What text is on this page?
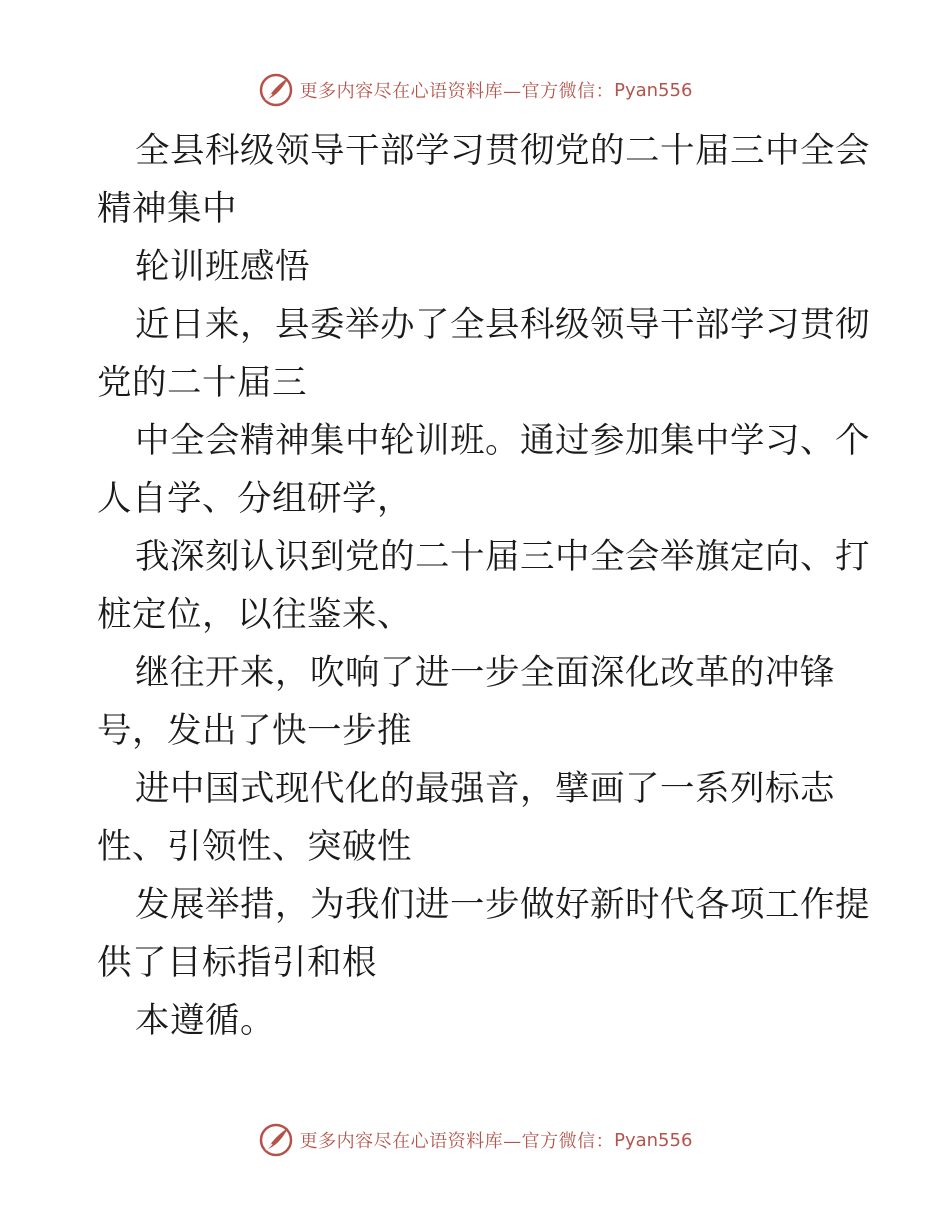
更多内容尽在心语资料库—官方微信： Pyan556

全县科级领导干部学习贯彻党的二十届三中全会
精神集中

轮训班感悟

近日来，县委举办了全县科级领导干部学习贯彻
党的二十届三

中全会精神集中轮训班。通过参加集中学习、个
人自学、分组研学，

我深刻认识到党的二十届三中全会举旗定向、打
桩定位，以往鉴来、

继往开来，吹响了进一步全面深化改革的冲锋
号，发出了快一步推

进中国式现代化的最强音，擘画了一系列标志
性、引领性、突破性

发展举措，为我们进一步做好新时代各项工作提
供了目标指引和根

本遵循。

更多内容尽在心语资料库—官方微信： Pyan556
